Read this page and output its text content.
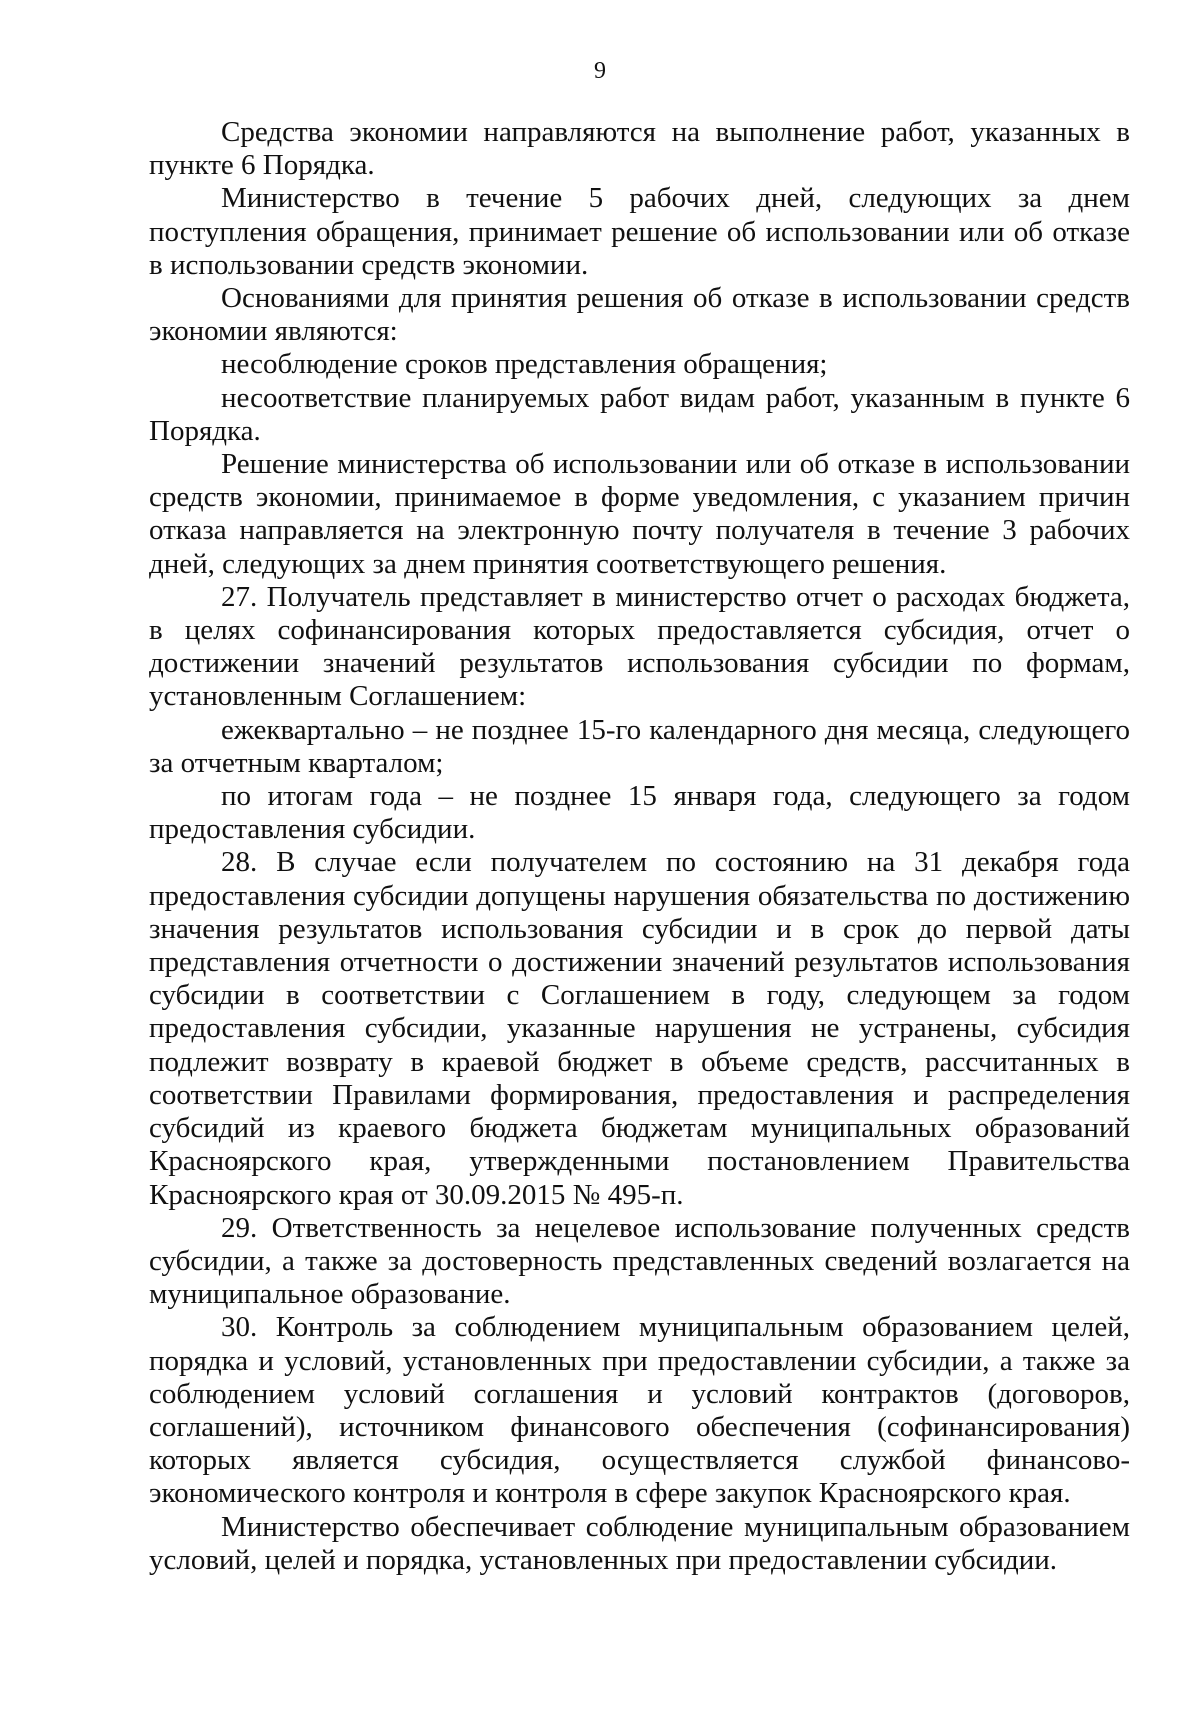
9

Средства экономии направляются на выполнение работ, указанных в пункте 6 Порядка.

Министерство в течение 5 рабочих дней, следующих за днем поступления обращения, принимает решение об использовании или об отказе в использовании средств экономии.

Основаниями для принятия решения об отказе в использовании средств экономии являются:

несоблюдение сроков представления обращения;

несоответствие планируемых работ видам работ, указанным в пункте 6 Порядка.

Решение министерства об использовании или об отказе в использовании средств экономии, принимаемое в форме уведомления, с указанием причин отказа направляется на электронную почту получателя в течение 3 рабочих дней, следующих за днем принятия соответствующего решения.

27. Получатель представляет в министерство отчет о расходах бюджета, в целях софинансирования которых предоставляется субсидия, отчет о достижении значений результатов использования субсидии по формам, установленным Соглашением:

ежеквартально – не позднее 15-го календарного дня месяца, следующего за отчетным кварталом;

по итогам года – не позднее 15 января года, следующего за годом предоставления субсидии.

28. В случае если получателем по состоянию на 31 декабря года предоставления субсидии допущены нарушения обязательства по достижению значения результатов использования субсидии и в срок до первой даты представления отчетности о достижении значений результатов использования субсидии в соответствии с Соглашением в году, следующем за годом предоставления субсидии, указанные нарушения не устранены, субсидия подлежит возврату в краевой бюджет в объеме средств, рассчитанных в соответствии Правилами формирования, предоставления и распределения субсидий из краевого бюджета бюджетам муниципальных образований Красноярского края, утвержденными постановлением Правительства Красноярского края от 30.09.2015 № 495-п.

29. Ответственность за нецелевое использование полученных средств субсидии, а также за достоверность представленных сведений возлагается на муниципальное образование.

30. Контроль за соблюдением муниципальным образованием целей, порядка и условий, установленных при предоставлении субсидии, а также за соблюдением условий соглашения и условий контрактов (договоров, соглашений), источником финансового обеспечения (софинансирования) которых является субсидия, осуществляется службой финансово-экономического контроля и контроля в сфере закупок Красноярского края.

Министерство обеспечивает соблюдение муниципальным образованием условий, целей и порядка, установленных при предоставлении субсидии.
